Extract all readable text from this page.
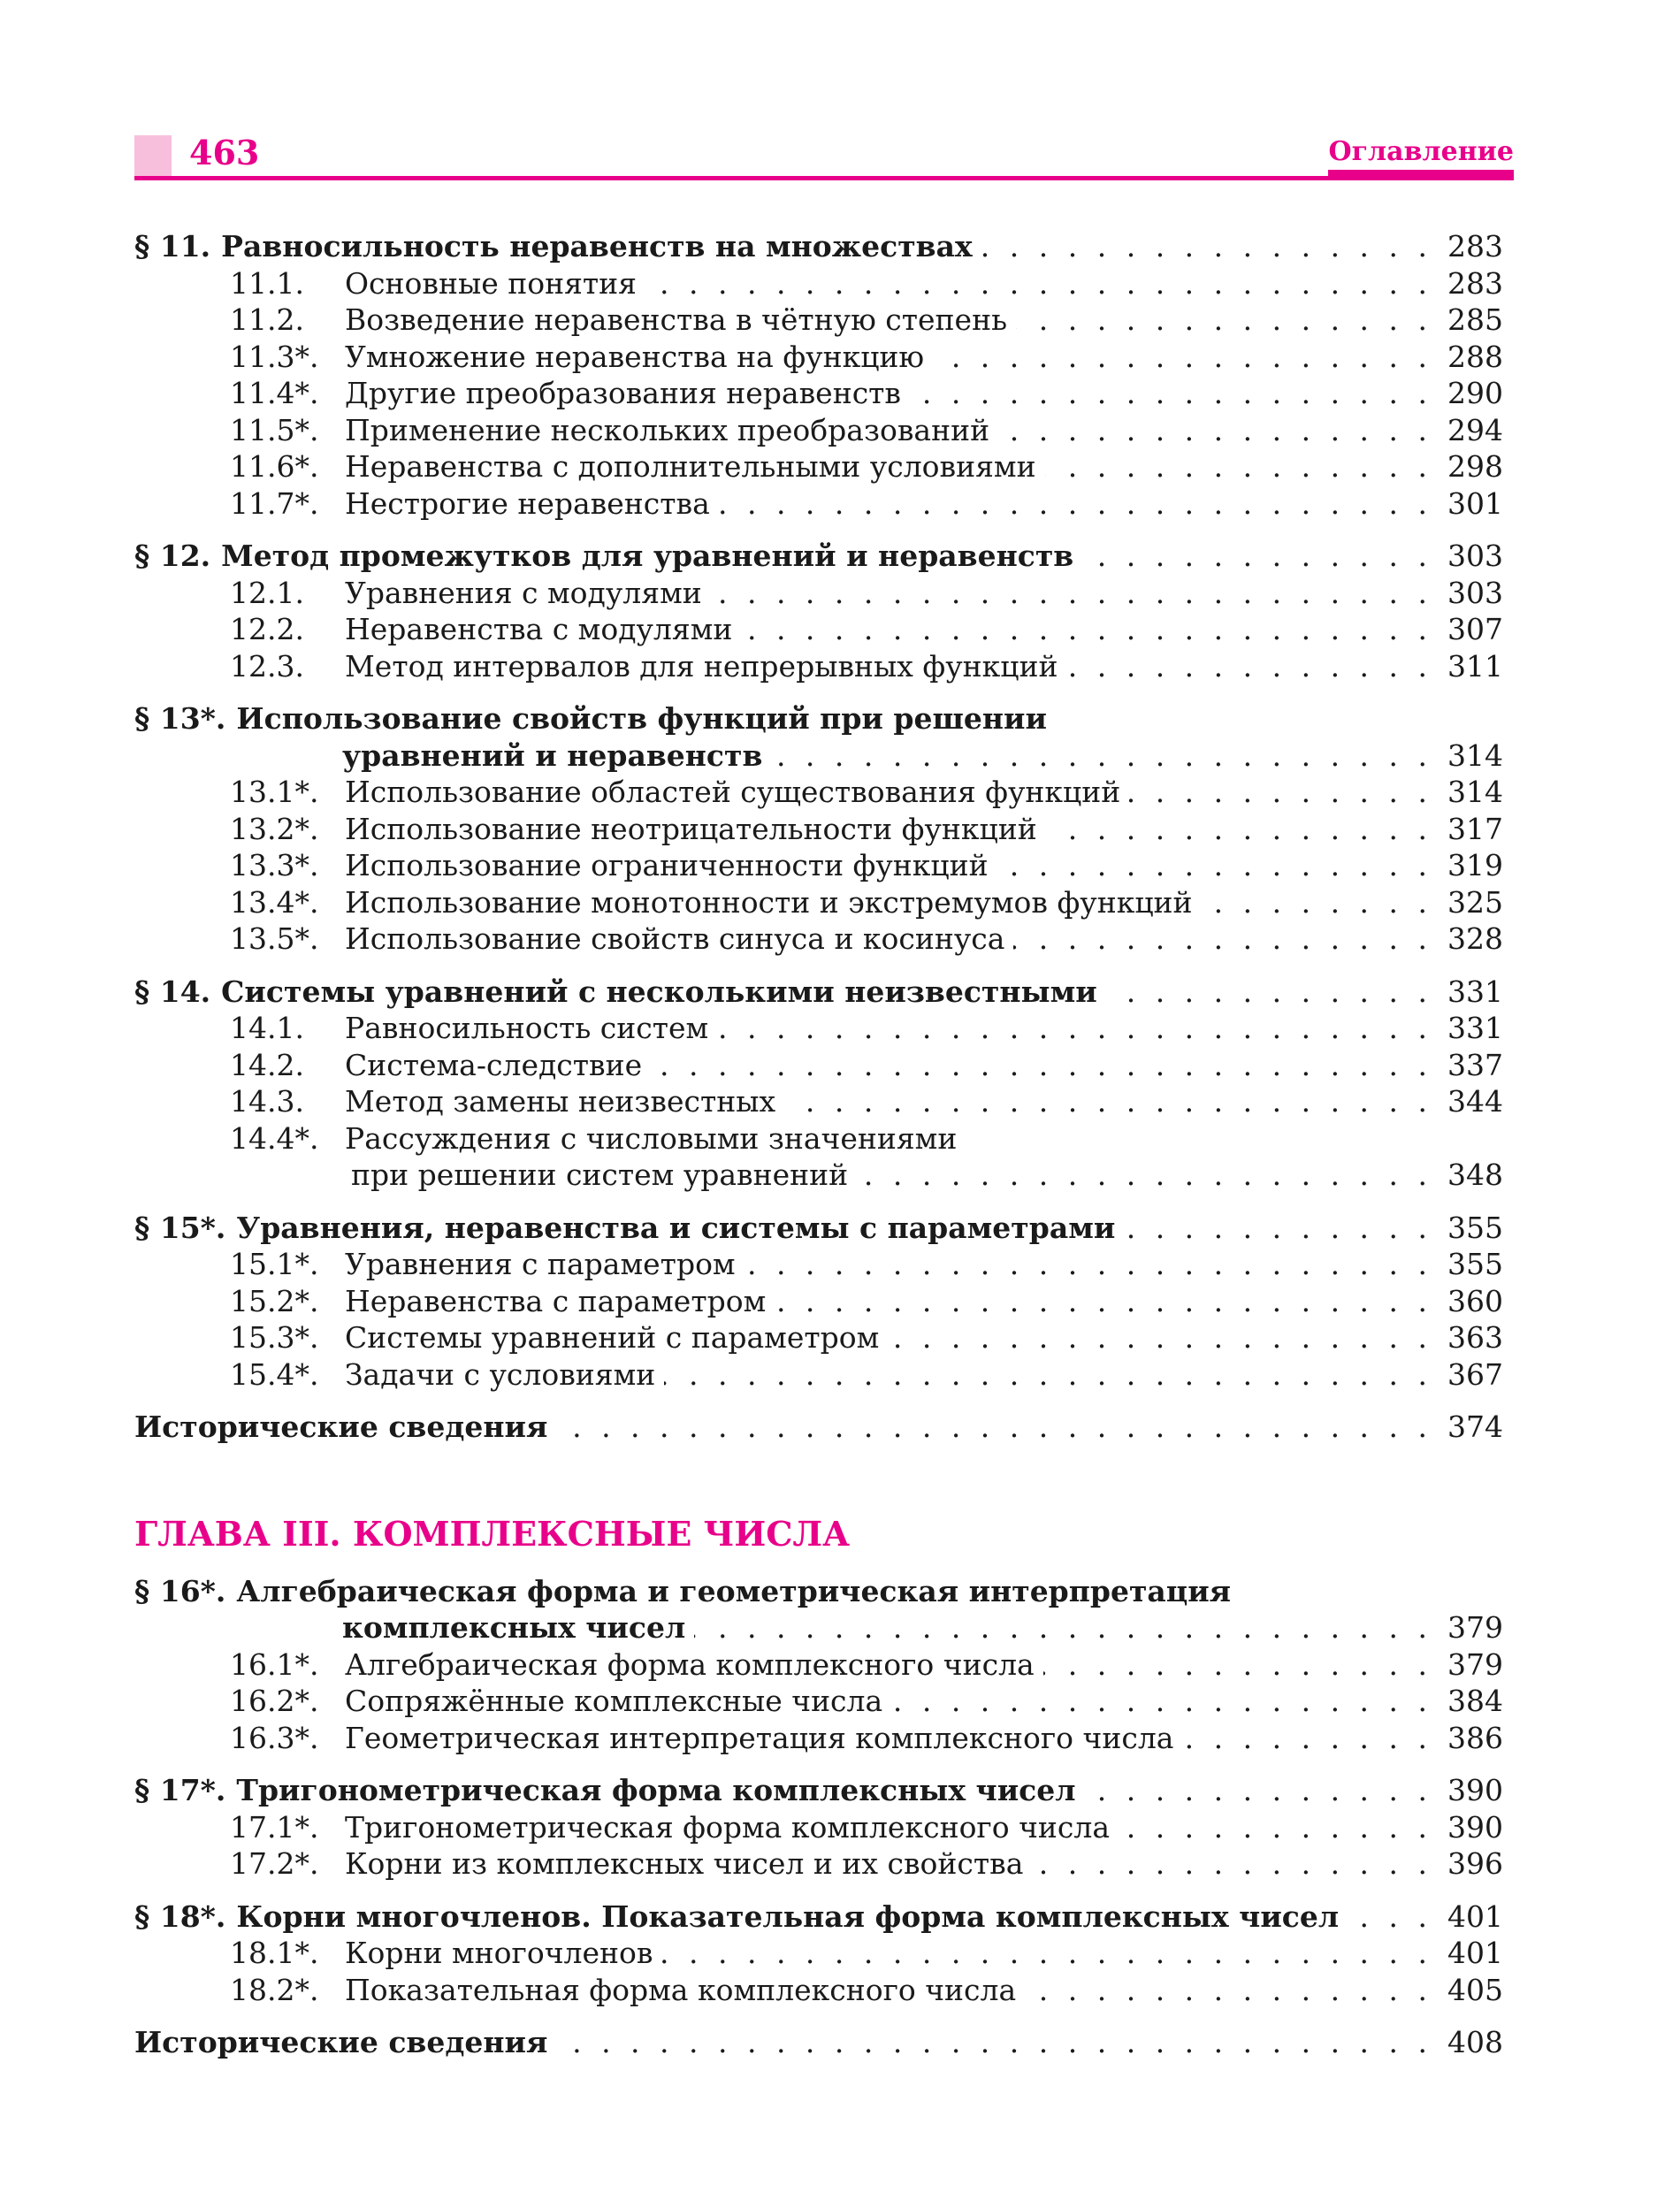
463	Оглавление
§ 11. Равносильность неравенств на множествах . . .	283
11.1.	Основные понятия . . .	283
11.2.	Возведение неравенства в чётную степень . . .	285
11.3*. Умножение неравенства на функцию . . .	288
11.4*. Другие преобразования неравенств . . .	290
11.5*. Применение нескольких преобразований . . .	294
11.6*. Неравенства с дополнительными условиями . . .	298
11.7*. Нестрогие неравенства . . .	301
§ 12. Метод промежутков для уравнений и неравенств . . .	303
12.1.	Уравнения с модулями . . .	303
12.2.	Неравенства с модулями . . .	307
12.3.	Метод интервалов для непрерывных функций . . .	311
§ 13*. Использование свойств функций при решении
уравнений и неравенств . . .	314
13.1*. Использование областей существования функций . . .	314
13.2*. Использование неотрицательности функций . . .	317
13.3*. Использование ограниченности функций . . .	319
13.4*. Использование монотонности и экстремумов функций . . .	325
13.5*. Использование свойств синуса и косинуса . . .	328
§ 14. Системы уравнений с несколькими неизвестными . . .	331
14.1.	Равносильность систем . . .	331
14.2.	Система-следствие . . .	337
14.3.	Метод замены неизвестных . . .	344
14.4*. Рассуждения с числовыми значениями
при решении систем уравнений . . .	348
§ 15*. Уравнения, неравенства и системы с параметрами . . .	355
15.1*. Уравнения с параметром . . .	355
15.2*. Неравенства с параметром . . .	360
15.3*. Системы уравнений с параметром . . .	363
15.4*. Задачи с условиями . . .	367
Исторические сведения . . .	374
ГЛАВА III. КОМПЛЕКСНЫЕ ЧИСЛА
§ 16*. Алгебраическая форма и геометрическая интерпретация
комплексных чисел . . .	379
16.1*. Алгебраическая форма комплексного числа . . .	379
16.2*. Сопряжённые комплексные числа . . .	384
16.3*. Геометрическая интерпретация комплексного числа . . .	386
§ 17*. Тригонометрическая форма комплексных чисел . . .	390
17.1*. Тригонометрическая форма комплексного числа . . .	390
17.2*. Корни из комплексных чисел и их свойства . . .	396
§ 18*. Корни многочленов. Показательная форма комплексных чисел . . .	401
18.1*. Корни многочленов . . .	401
18.2*. Показательная форма комплексного числа . . .	405
Исторические сведения . . .	408
